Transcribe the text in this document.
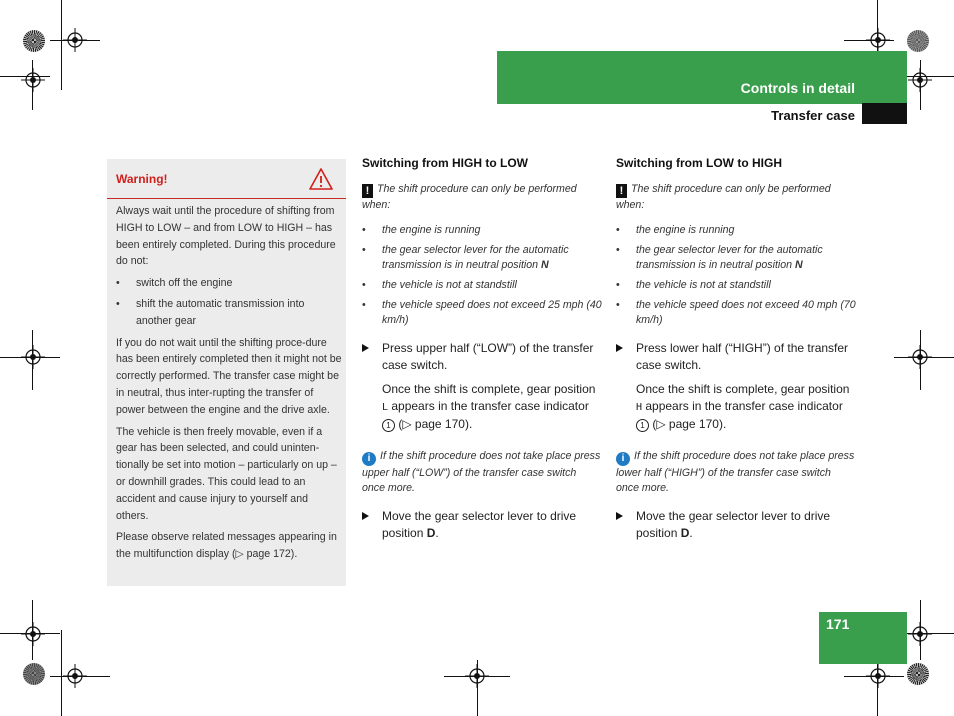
Controls in detail
Transfer case
Warning!

Always wait until the procedure of shifting from HIGH to LOW – and from LOW to HIGH – has been entirely completed. During this procedure do not:

• switch off the engine
• shift the automatic transmission into another gear

If you do not wait until the shifting proce-dure has been entirely completed then it might not be correctly performed. The transfer case might be in neutral, thus inter-rupting the transfer of power between the engine and the drive axle.

The vehicle is then freely movable, even if a gear has been selected, and could uninten-tionally be set into motion – particularly on up – or downhill grades. This could lead to an accident and cause injury to yourself and others.

Please observe related messages appearing in the multifunction display (▷ page 172).

Switching from HIGH to LOW
! The shift procedure can only be performed when:
• the engine is running
• the gear selector lever for the automatic transmission is in neutral position N
• the vehicle is not at standstill
• the vehicle speed does not exceed 25 mph (40 km/h)
Press upper half (“LOW”) of the transfer case switch.
Once the shift is complete, gear position L appears in the transfer case indicator 1 (▷ page 170).
i If the shift procedure does not take place press upper half (“LOW”) of the transfer case switch once more.
Move the gear selector lever to drive position D.
Switching from LOW to HIGH
! The shift procedure can only be performed when:
• the engine is running
• the gear selector lever for the automatic transmission is in neutral position N
• the vehicle is not at standstill
• the vehicle speed does not exceed 40 mph (70 km/h)
Press lower half (“HIGH”) of the transfer case switch.
Once the shift is complete, gear position H appears in the transfer case indicator 1 (▷ page 170).
i If the shift procedure does not take place press lower half (“HIGH”) of the transfer case switch once more.
Move the gear selector lever to drive position D.
171
